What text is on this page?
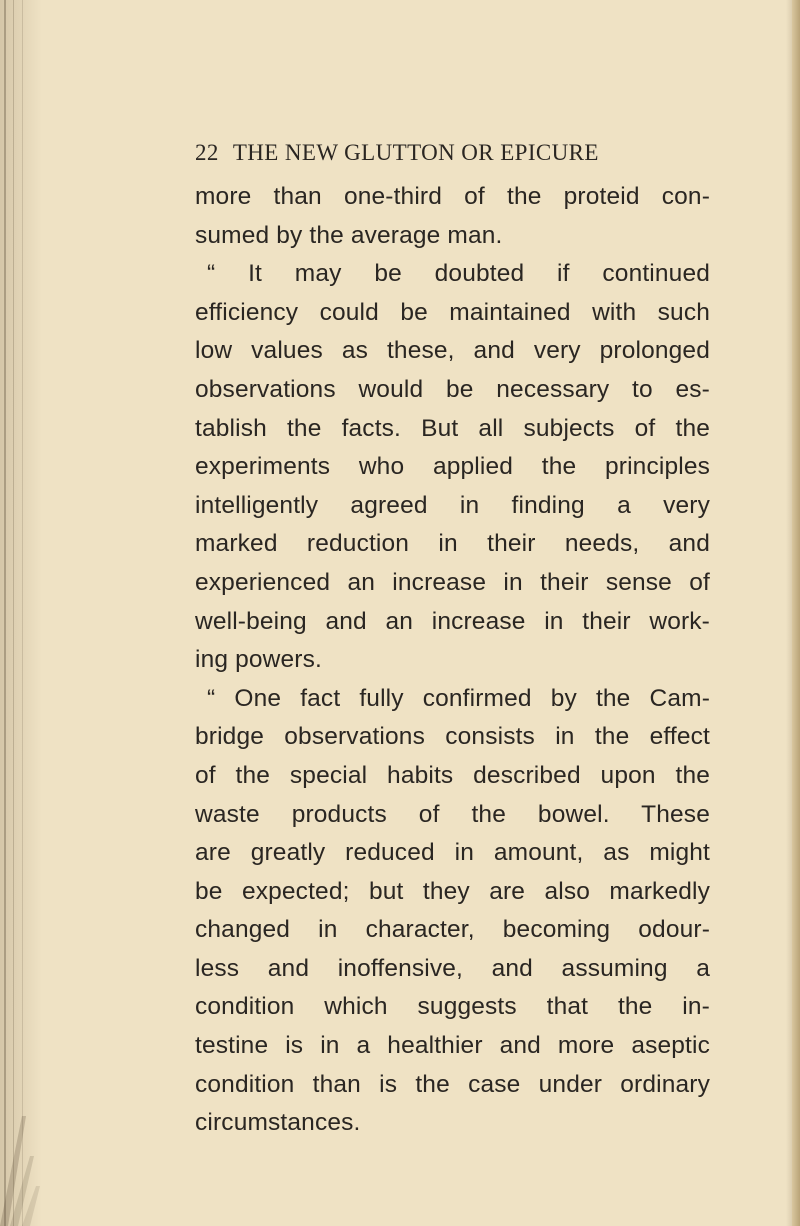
22 THE NEW GLUTTON OR EPICURE
more than one-third of the proteid con-
sumed by the average man.
“ It may be doubted if continued
efficiency could be maintained with such
low values as these, and very prolonged
observations would be necessary to es-
tablish the facts. But all subjects of the
experiments who applied the principles
intelligently agreed in finding a very
marked reduction in their needs, and
experienced an increase in their sense of
well-being and an increase in their work-
ing powers.
“ One fact fully confirmed by the Cam-
bridge observations consists in the effect
of the special habits described upon the
waste products of the bowel. These
are greatly reduced in amount, as might
be expected; but they are also markedly
changed in character, becoming odour-
less and inoffensive, and assuming a
condition which suggests that the in-
testine is in a healthier and more aseptic
condition than is the case under ordinary
circumstances.
